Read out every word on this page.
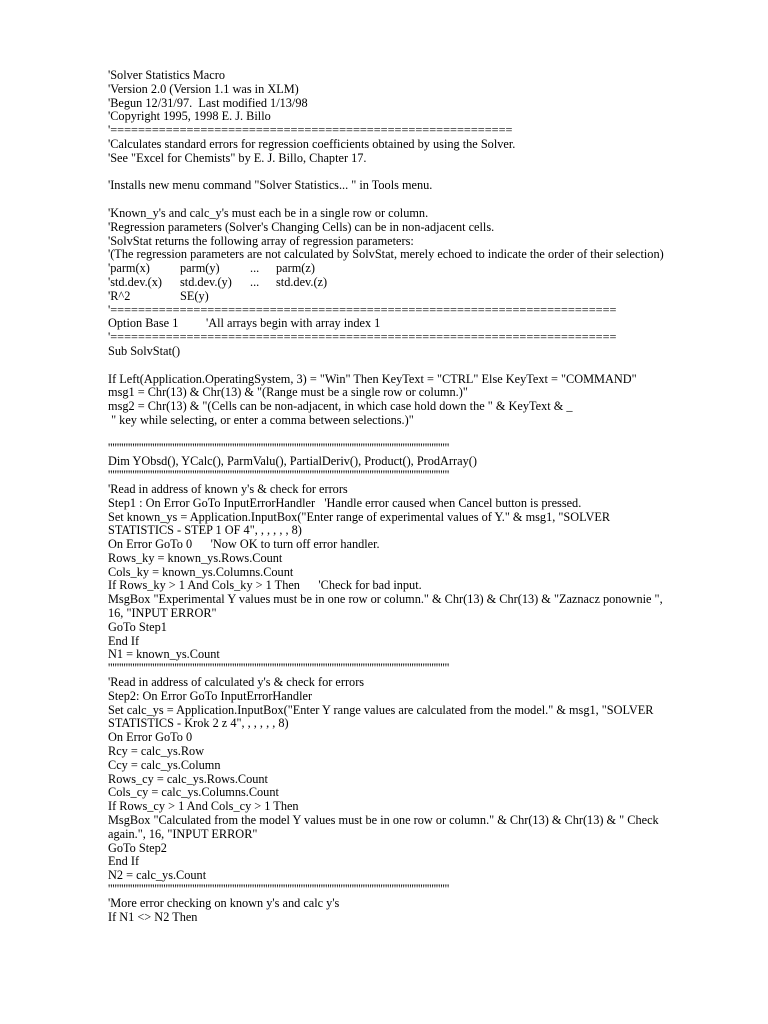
'Solver Statistics Macro
'Version 2.0 (Version 1.1 was in XLM)
'Begun 12/31/97.  Last modified 1/13/98
'Copyright 1995, 1998 E. J. Billo
'==========================================================
'Calculates standard errors for regression coefficients obtained by using the Solver.
'See "Excel for Chemists" by E. J. Billo, Chapter 17.
'Installs new menu command "Solver Statistics... " in Tools menu.
'Known_y's and calc_y's must each be in a single row or column.
'Regression parameters (Solver's Changing Cells) can be in non-adjacent cells.
'SolvStat returns the following array of regression parameters:
'(The regression parameters are not calculated by SolvStat, merely echoed to indicate the order of their selection)
'parm(x) parm(y) ... parm(z)
'std.dev.(x) std.dev.(y) ... std.dev.(z)
'R^2	SE(y)
'=========================================================================
Option Base 1 'All arrays begin with array index 1
'=========================================================================
Sub SolvStat()
If Left(Application.OperatingSystem, 3) = "Win" Then KeyText = "CTRL" Else KeyText = "COMMAND"
msg1 = Chr(13) & Chr(13) & "(Range must be a single row or column.)"
msg2 = Chr(13) & "(Cells can be non-adjacent, in which case hold down the " & KeyText & _
" key while selecting, or enter a comma between selections.)"
''''''''''''''''''''''''''''''''''''''''''''''''''''''''''''''''''''''''''''''''''''''''''''''''''''''''''''''''''''''''''''''''''''''''''''''''''''''''''
Dim YObsd(), YCalc(), ParmValu(), PartialDeriv(), Product(), ProdArray()
''''''''''''''''''''''''''''''''''''''''''''''''''''''''''''''''''''''''''''''''''''''''''''''''''''''''''''''''''''''''''''''''''''''''''''''''''''''''''
'Read in address of known y's & check for errors
Step1 : On Error GoTo InputErrorHandler   'Handle error caused when Cancel button is pressed.
Set known_ys = Application.InputBox("Enter range of experimental values of Y." & msg1, "SOLVER
STATISTICS - STEP 1 OF 4", , , , , , 8)
On Error GoTo 0      'Now OK to turn off error handler.
Rows_ky = known_ys.Rows.Count
Cols_ky = known_ys.Columns.Count
If Rows_ky > 1 And Cols_ky > 1 Then      'Check for bad input.
MsgBox "Experimental Y values must be in one row or column." & Chr(13) & Chr(13) & "Zaznacz ponownie ",
16, "INPUT ERROR"
GoTo Step1
End If
N1 = known_ys.Count
''''''''''''''''''''''''''''''''''''''''''''''''''''''''''''''''''''''''''''''''''''''''''''''''''''''''''''''''''''''''''''''''''''''''''''''''''''''''''
'Read in address of calculated y's & check for errors
Step2: On Error GoTo InputErrorHandler
Set calc_ys = Application.InputBox("Enter Y range values are calculated from the model." & msg1, "SOLVER
STATISTICS - Krok 2 z 4", , , , , , 8)
On Error GoTo 0
Rcy = calc_ys.Row
Ccy = calc_ys.Column
Rows_cy = calc_ys.Rows.Count
Cols_cy = calc_ys.Columns.Count
If Rows_cy > 1 And Cols_cy > 1 Then
MsgBox "Calculated from the model Y values must be in one row or column." & Chr(13) & Chr(13) & " Check
again.", 16, "INPUT ERROR"
GoTo Step2
End If
N2 = calc_ys.Count
''''''''''''''''''''''''''''''''''''''''''''''''''''''''''''''''''''''''''''''''''''''''''''''''''''''''''''''''''''''''''''''''''''''''''''''''''''''''''
'More error checking on known y's and calc y's
If N1 <> N2 Then
